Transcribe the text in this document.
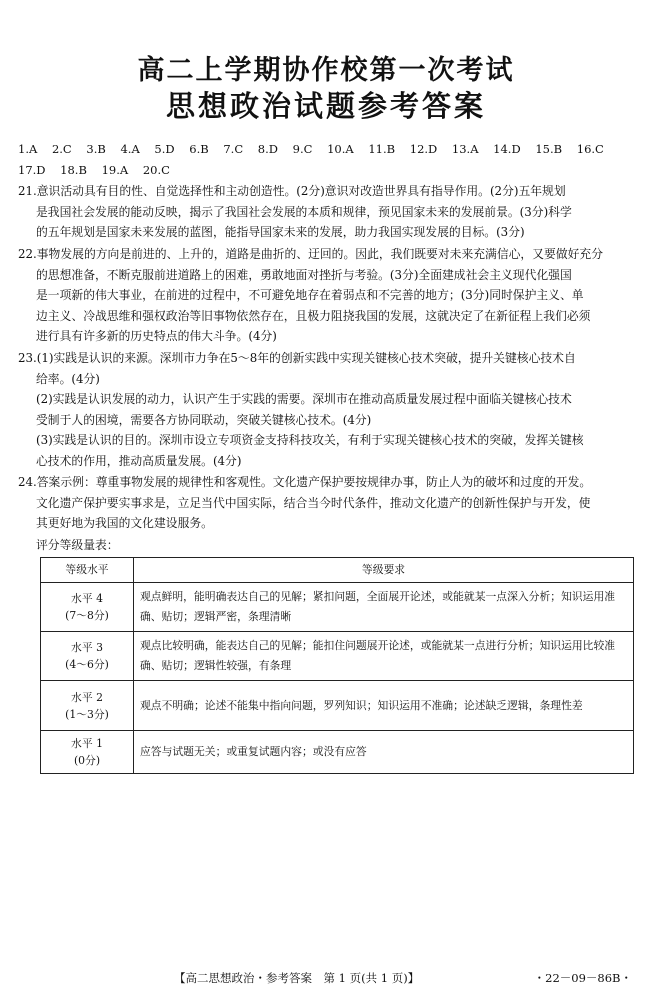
高二上学期协作校第一次考试
思想政治试题参考答案
1.A 2.C 3.B 4.A 5.D 6.B 7.C 8.D 9.C 10.A 11.B 12.D 13.A 14.D 15.B 16.C
17.D 18.B 19.A 20.C

21.意识活动具有目的性、自觉选择性和主动创造性。(2分)意识对改造世界具有指导作用。(2分)五年规划

是我国社会发展的能动反映，揭示了我国社会发展的本质和规律，预见国家未来的发展前景。(3分)科学

的五年规划是国家未来发展的蓝图，能指导国家未来的发展，助力我国实现发展的目标。(3分)

22.事物发展的方向是前进的、上升的，道路是曲折的、迂回的。因此，我们既要对未来充满信心，又要做好充分

的思想准备，不断克服前进道路上的困难，勇敢地面对挫折与考验。(3分)全面建成社会主义现代化强国

是一项新的伟大事业，在前进的过程中，不可避免地存在着弱点和不完善的地方；(3分)同时保护主义、单

边主义、冷战思维和强权政治等旧事物依然存在，且极力阻挠我国的发展，这就决定了在新征程上我们必须

进行具有许多新的历史特点的伟大斗争。(4分)

23.(1)实践是认识的来源。深圳市力争在5～8年的创新实践中实现关键核心技术突破，提升关键核心技术自

给率。(4分)

(2)实践是认识发展的动力，认识产生于实践的需要。深圳市在推动高质量发展过程中面临关键核心技术

受制于人的困境，需要各方协同联动，突破关键核心技术。(4分)

(3)实践是认识的目的。深圳市设立专项资金支持科技攻关，有利于实现关键核心技术的突破，发挥关键核

心技术的作用，推动高质量发展。(4分)

24.答案示例：尊重事物发展的规律性和客观性。文化遗产保护要按规律办事，防止人为的破坏和过度的开发。

文化遗产保护要实事求是，立足当代中国实际，结合当今时代条件，推动文化遗产的创新性保护与开发，使

其更好地为我国的文化建设服务。

评分等级量表：
等级水平	等级要求

水平 4
(7～8分)	观点鲜明，能明确表达自己的见解；紧扣问题，全面展开论述，或能就某一点深入分析；知识运用准确、贴切；逻辑严密，条理清晰

水平 3
(4～6分)	观点比较明确，能表达自己的见解；能扣住问题展开论述，或能就某一点进行分析；知识运用比较准确、贴切；逻辑性较强，有条理

水平 2
(1～3分)	观点不明确；论述不能集中指向问题，罗列知识；知识运用不准确；论述缺乏逻辑，条理性差

水平 1
(0分)	应答与试题无关；或重复试题内容；或没有应答
【高二思想政治・参考答案　第 1 页(共 1 页)】	・22－09－86B・
